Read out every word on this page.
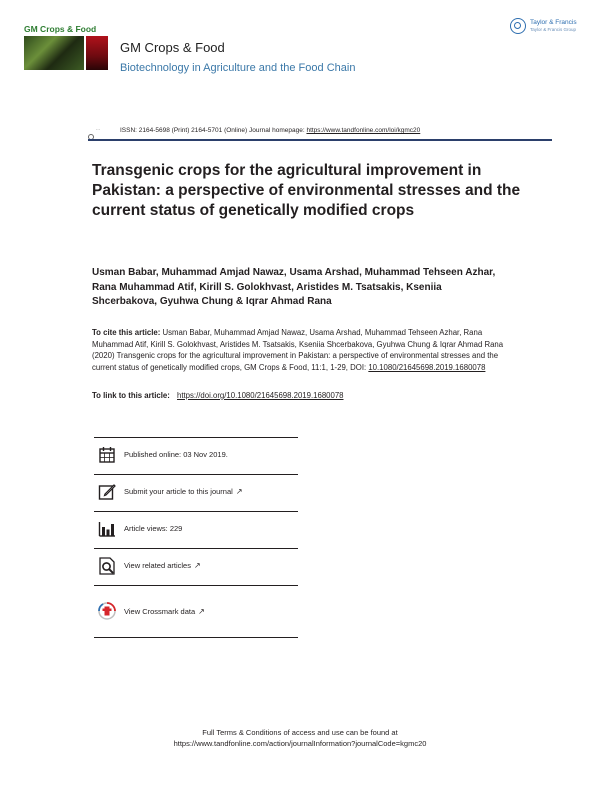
GM Crops & Food
GM Crops & Food
Biotechnology in Agriculture and the Food Chain
Taylor & Francis
Taylor & Francis Group
⋯	ISSN: 2164-5698 (Print) 2164-5701 (Online) Journal homepage: https://www.tandfonline.com/loi/kgmc20
Transgenic crops for the agricultural improvement in Pakistan: a perspective of environmental stresses and the current status of genetically modified crops
Usman Babar, Muhammad Amjad Nawaz, Usama Arshad, Muhammad Tehseen Azhar, Rana Muhammad Atif, Kirill S. Golokhvast, Aristides M. Tsatsakis, Kseniia Shcerbakova, Gyuhwa Chung & Iqrar Ahmad Rana
To cite this article: Usman Babar, Muhammad Amjad Nawaz, Usama Arshad, Muhammad Tehseen Azhar, Rana Muhammad Atif, Kirill S. Golokhvast, Aristides M. Tsatsakis, Kseniia Shcerbakova, Gyuhwa Chung & Iqrar Ahmad Rana (2020) Transgenic crops for the agricultural improvement in Pakistan: a perspective of environmental stresses and the current status of genetically modified crops, GM Crops & Food, 11:1, 1-29, DOI: 10.1080/21645698.2019.1680078
To link to this article: https://doi.org/10.1080/21645698.2019.1680078
Published online: 03 Nov 2019.
Submit your article to this journal ↗
Article views: 229
View related articles ↗
View Crossmark data ↗
Full Terms & Conditions of access and use can be found at
https://www.tandfonline.com/action/journalInformation?journalCode=kgmc20
